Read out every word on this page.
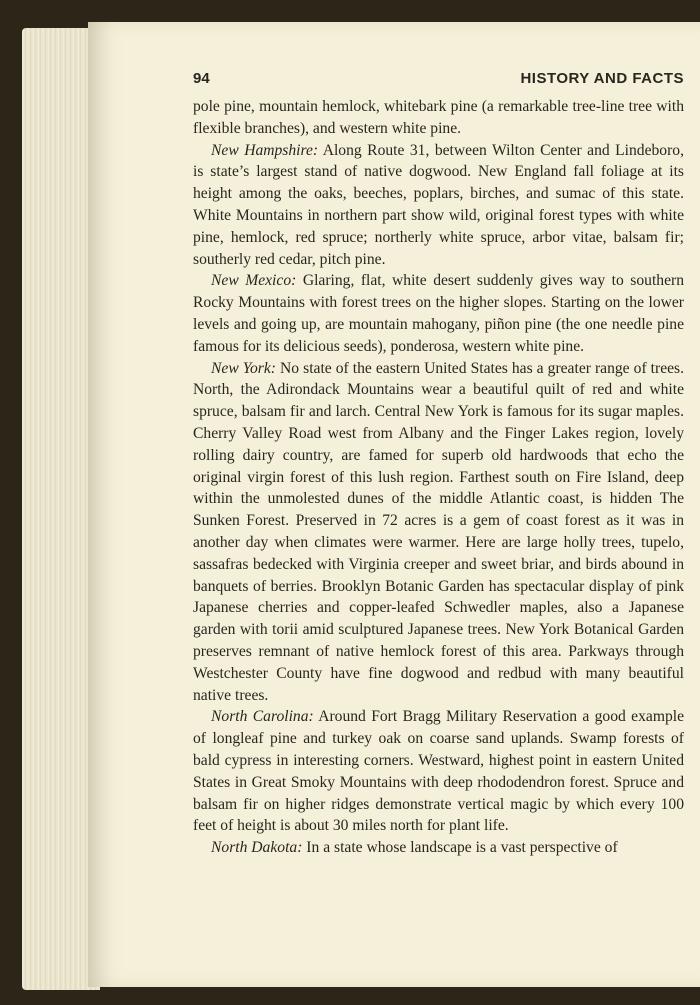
94	HISTORY AND FACTS

pole pine, mountain hemlock, whitebark pine (a remarkable tree-line tree with flexible branches), and western white pine.

New Hampshire: Along Route 31, between Wilton Center and Lindeboro, is state’s largest stand of native dogwood. New England fall foliage at its height among the oaks, beeches, poplars, birches, and sumac of this state. White Mountains in northern part show wild, original forest types with white pine, hemlock, red spruce; northerly white spruce, arbor vitae, balsam fir; southerly red cedar, pitch pine.

New Mexico: Glaring, flat, white desert suddenly gives way to southern Rocky Mountains with forest trees on the higher slopes. Starting on the lower levels and going up, are mountain mahogany, piñon pine (the one needle pine famous for its delicious seeds), ponderosa, western white pine.

New York: No state of the eastern United States has a greater range of trees. North, the Adirondack Mountains wear a beautiful quilt of red and white spruce, balsam fir and larch. Central New York is famous for its sugar maples. Cherry Valley Road west from Albany and the Finger Lakes region, lovely rolling dairy country, are famed for superb old hardwoods that echo the original virgin forest of this lush region. Farthest south on Fire Island, deep within the unmolested dunes of the middle Atlantic coast, is hidden The Sunken Forest. Preserved in 72 acres is a gem of coast forest as it was in another day when climates were warmer. Here are large holly trees, tupelo, sassafras bedecked with Virginia creeper and sweet briar, and birds abound in banquets of berries. Brooklyn Botanic Garden has spectacular display of pink Japanese cherries and copper-leafed Schwedler maples, also a Japanese garden with torii amid sculptured Japanese trees. New York Botanical Garden preserves remnant of native hemlock forest of this area. Parkways through Westchester County have fine dogwood and redbud with many beautiful native trees.

North Carolina: Around Fort Bragg Military Reservation a good example of longleaf pine and turkey oak on coarse sand uplands. Swamp forests of bald cypress in interesting corners. Westward, highest point in eastern United States in Great Smoky Mountains with deep rhododendron forest. Spruce and balsam fir on higher ridges demonstrate vertical magic by which every 100 feet of height is about 30 miles north for plant life.

North Dakota: In a state whose landscape is a vast perspective of
